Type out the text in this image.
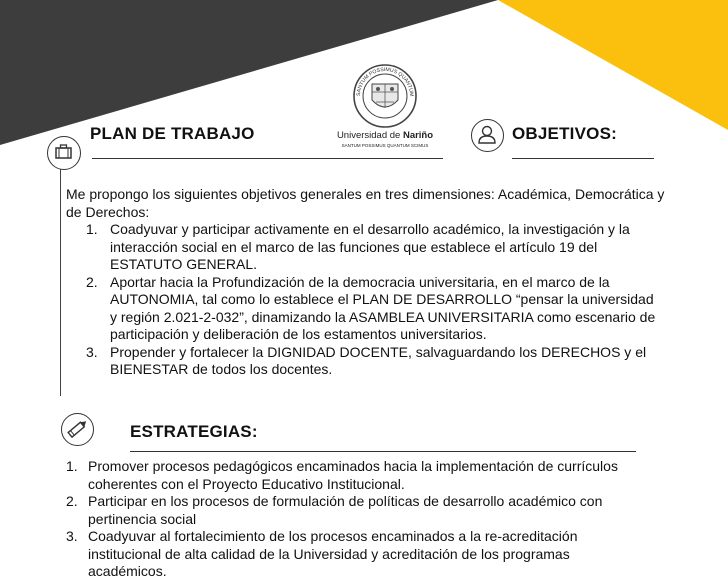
PLAN DE TRABAJO
SANTUM POSSIMUS QUANTUM
Universidad de Nariño
SANTUM POSSIMUS QUANTUM SCIMUS
OBJETIVOS:
Me propongo los siguientes objetivos generales en tres dimensiones: Académica, Democrática y de Derechos:
1. Coadyuvar y participar activamente en el desarrollo académico, la investigación y la interacción social en el marco de las funciones que establece el artículo 19 del ESTATUTO GENERAL.
2. Aportar hacia la Profundización de la democracia universitaria, en el marco de la AUTONOMIA, tal como lo establece el PLAN DE DESARROLLO “pensar la universidad y región 2.021-2-032”, dinamizando la ASAMBLEA UNIVERSITARIA como escenario de participación y deliberación de los estamentos universitarios.
3. Propender y fortalecer la DIGNIDAD DOCENTE, salvaguardando los DERECHOS y el BIENESTAR de todos los docentes.
ESTRATEGIAS:
1. Promover procesos pedagógicos encaminados hacia la implementación de currículos coherentes con el Proyecto Educativo Institucional.
2. Participar en los procesos de formulación de políticas de desarrollo académico con pertinencia social
3. Coadyuvar al fortalecimiento de los procesos encaminados a la re-acreditación institucional de alta calidad de la Universidad y acreditación de los programas académicos.
